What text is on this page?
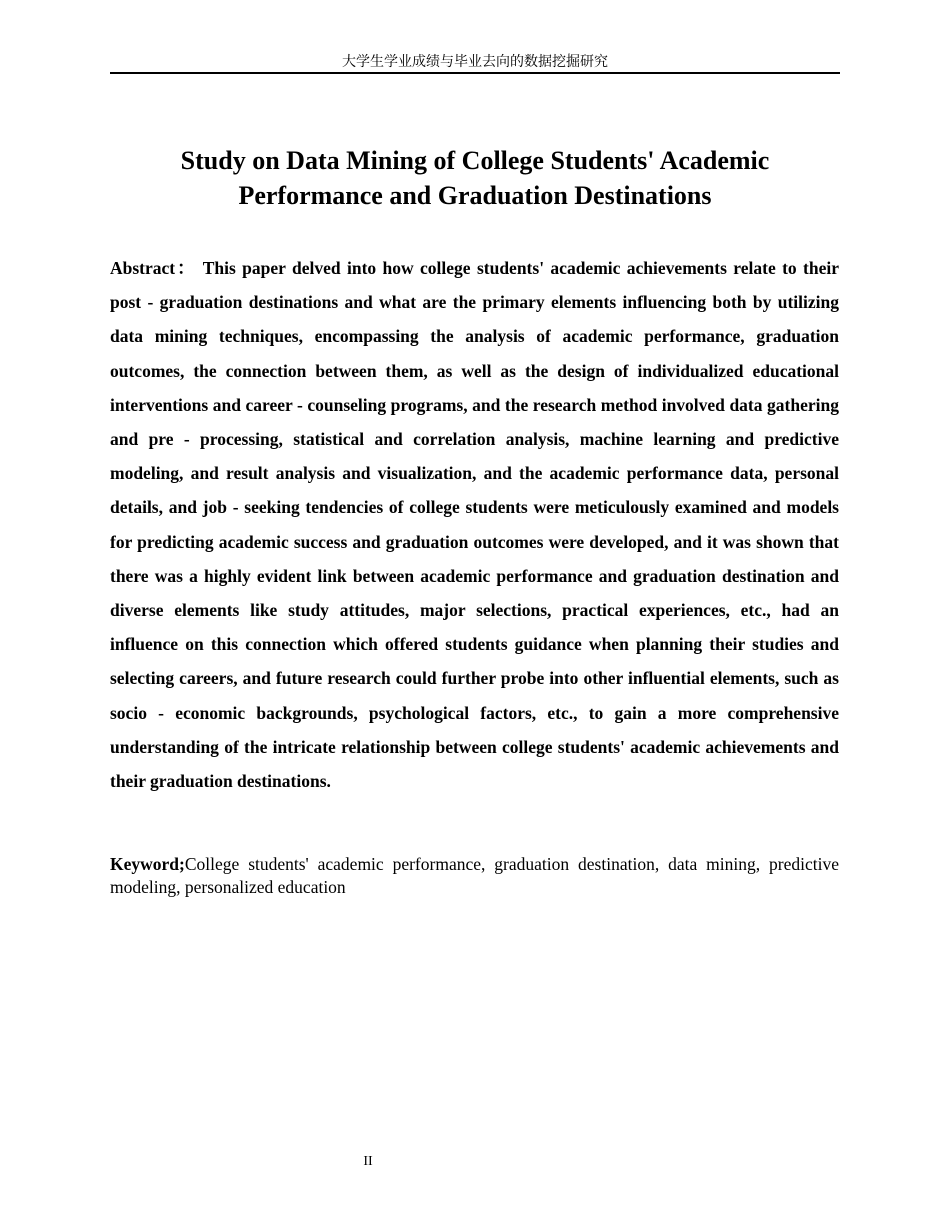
大学生学业成绩与毕业去向的数据挖掘研究
Study on Data Mining of College Students' Academic Performance and Graduation Destinations

Abstract： This paper delved into how college students' academic achievements relate to their post - graduation destinations and what are the primary elements influencing both by utilizing data mining techniques, encompassing the analysis of academic performance, graduation outcomes, the connection between them, as well as the design of individualized educational interventions and career - counseling programs, and the research method involved data gathering and pre - processing, statistical and correlation analysis, machine learning and predictive modeling, and result analysis and visualization, and the academic performance data, personal details, and job - seeking tendencies of college students were meticulously examined and models for predicting academic success and graduation outcomes were developed, and it was shown that there was a highly evident link between academic performance and graduation destination and diverse elements like study attitudes, major selections, practical experiences, etc., had an influence on this connection which offered students guidance when planning their studies and selecting careers, and future research could further probe into other influential elements, such as socio - economic backgrounds, psychological factors, etc., to gain a more comprehensive understanding of the intricate relationship between college students' academic achievements and their graduation destinations.

Keyword;College students' academic performance, graduation destination, data mining, predictive modeling, personalized education

II
